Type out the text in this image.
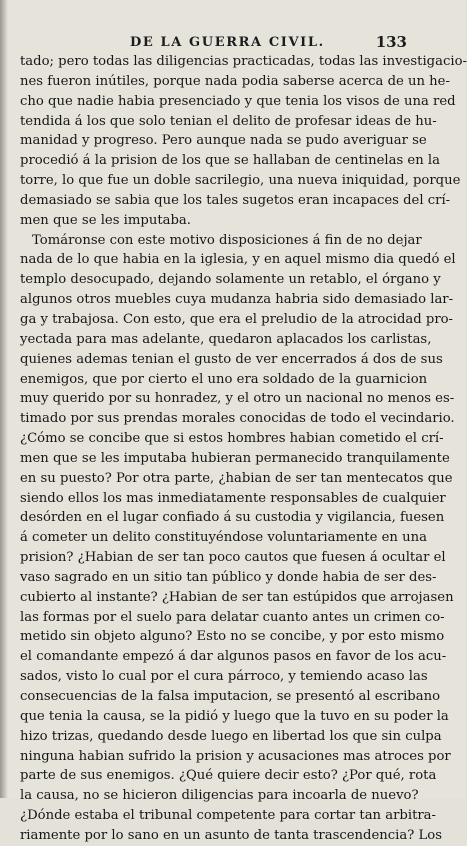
DE LA GUERRA CIVIL.	133
tado; pero todas las diligencias practicadas, todas las investigacio-
nes fueron inútiles, porque nada podia saberse acerca de un he-
cho que nadie habia presenciado y que tenia los visos de una red
tendida á los que solo tenian el delito de profesar ideas de hu-
manidad y progreso. Pero aunque nada se pudo averiguar se
procedió á la prision de los que se hallaban de centinelas en la
torre, lo que fue un doble sacrilegio, una nueva iniquidad, porque
demasiado se sabia que los tales sugetos eran incapaces del crí-
men que se les imputaba.
Tomáronse con este motivo disposiciones á fin de no dejar
nada de lo que habia en la iglesia, y en aquel mismo dia quedó el
templo desocupado, dejando solamente un retablo, el órgano y
algunos otros muebles cuya mudanza habria sido demasiado lar-
ga y trabajosa. Con esto, que era el preludio de la atrocidad pro-
yectada para mas adelante, quedaron aplacados los carlistas,
quienes ademas tenian el gusto de ver encerrados á dos de sus
enemigos, que por cierto el uno era soldado de la guarnicion
muy querido por su honradez, y el otro un nacional no menos es-
timado por sus prendas morales conocidas de todo el vecindario.
¿Cómo se concibe que si estos hombres habian cometido el crí-
men que se les imputaba hubieran permanecido tranquilamente
en su puesto? Por otra parte, ¿habian de ser tan mentecatos que
siendo ellos los mas inmediatamente responsables de cualquier
desórden en el lugar confiado á su custodia y vigilancia, fuesen
á cometer un delito constituyéndose voluntariamente en una
prision? ¿Habian de ser tan poco cautos que fuesen á ocultar el
vaso sagrado en un sitio tan público y donde habia de ser des-
cubierto al instante? ¿Habian de ser tan estúpidos que arrojasen
las formas por el suelo para delatar cuanto antes un crimen co-
metido sin objeto alguno? Esto no se concibe, y por esto mismo
el comandante empezó á dar algunos pasos en favor de los acu-
sados, visto lo cual por el cura párroco, y temiendo acaso las
consecuencias de la falsa imputacion, se presentó al escribano
que tenia la causa, se la pidió y luego que la tuvo en su poder la
hizo trizas, quedando desde luego en libertad los que sin culpa
ninguna habian sufrido la prision y acusaciones mas atroces por
parte de sus enemigos. ¿Qué quiere decir esto? ¿Por qué, rota
la causa, no se hicieron diligencias para incoarla de nuevo?
¿Dónde estaba el tribunal competente para cortar tan arbitra-
riamente por lo sano en un asunto de tanta trascendencia? Los
